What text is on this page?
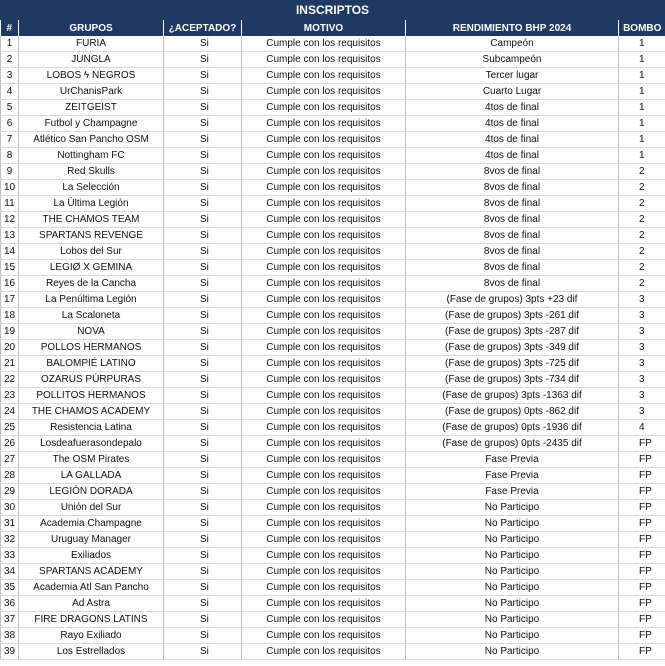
INSCRIPTOS
#	GRUPOS	¿ACEPTADO?	MOTIVO	RENDIMIENTO BHP 2024	BOMBO
1	FURIA	Si	Cumple con los requisitos	Campeón	1
2	JUNGLA	Si	Cumple con los requisitos	Subcampeón	1
3	LOBOS ϟ NEGROS	Si	Cumple con los requisitos	Tercer lugar	1
4	UrChanisPark	Si	Cumple con los requisitos	Cuarto Lugar	1
5	ZEITGEIST	Si	Cumple con los requisitos	4tos de final	1
6	Futbol y Champagne	Si	Cumple con los requisitos	4tos de final	1
7	Atlético San Pancho OSM	Si	Cumple con los requisitos	4tos de final	1
8	Nottingham FC	Si	Cumple con los requisitos	4tos de final	1
9	Red Skulls	Si	Cumple con los requisitos	8vos de final	2
10	La Selección	Si	Cumple con los requisitos	8vos de final	2
11	La Última Legión	Si	Cumple con los requisitos	8vos de final	2
12	THE CHAMOS TEAM	Si	Cumple con los requisitos	8vos de final	2
13	SPARTANS REVENGE	Si	Cumple con los requisitos	8vos de final	2
14	Lobos del Sur	Si	Cumple con los requisitos	8vos de final	2
15	LEGIØ X GEMINA	Si	Cumple con los requisitos	8vos de final	2
16	Reyes de la Cancha	Si	Cumple con los requisitos	8vos de final	2
17	La Penúltima Legión	Si	Cumple con los requisitos	(Fase de grupos) 3pts +23 dif	3
18	La Scaloneta	Si	Cumple con los requisitos	(Fase de grupos) 3pts -261 dif	3
19	NOVA	Si	Cumple con los requisitos	(Fase de grupos) 3pts -287 dif	3
20	POLLOS HERMANOS	Si	Cumple con los requisitos	(Fase de grupos) 3pts -349 dif	3
21	BALOMPIÉ LATINO	Si	Cumple con los requisitos	(Fase de grupos) 3pts -725 dif	3
22	OZARUS PÚRPURAS	Si	Cumple con los requisitos	(Fase de grupos) 3pts -734 dif	3
23	POLLITOS HERMANOS	Si	Cumple con los requisitos	(Fase de grupos) 3pts -1363 dif	3
24	THE CHAMOS ACADEMY	Si	Cumple con los requisitos	(Fase de grupos) 0pts -862 dif	3
25	Resistencia Latina	Si	Cumple con los requisitos	(Fase de grupos) 0pts -1936 dif	4
26	Losdeafuerasondepalo	Si	Cumple con los requisitos	(Fase de grupos) 0pts -2435 dif	FP
27	The OSM Pirates	Si	Cumple con los requisitos	Fase Previa	FP
28	LA GALLADA	Si	Cumple con los requisitos	Fase Previa	FP
29	LEGIÓN DORADA	Si	Cumple con los requisitos	Fase Previa	FP
30	Unión del Sur	Si	Cumple con los requisitos	No Participo	FP
31	Academia Champagne	Si	Cumple con los requisitos	No Participo	FP
32	Uruguay Manager	Si	Cumple con los requisitos	No Participo	FP
33	Exiliados	Si	Cumple con los requisitos	No Participo	FP
34	SPARTANS ACADEMY	Si	Cumple con los requisitos	No Participo	FP
35	Academia Atl San Pancho	Si	Cumple con los requisitos	No Participo	FP
36	Ad Astra	Si	Cumple con los requisitos	No Participo	FP
37	FIRE DRAGONS LATINS	Si	Cumple con los requisitos	No Participo	FP
38	Rayo Exiliado	Si	Cumple con los requisitos	No Participo	FP
39	Los Estrellados	Si	Cumple con los requisitos	No Participo	FP
